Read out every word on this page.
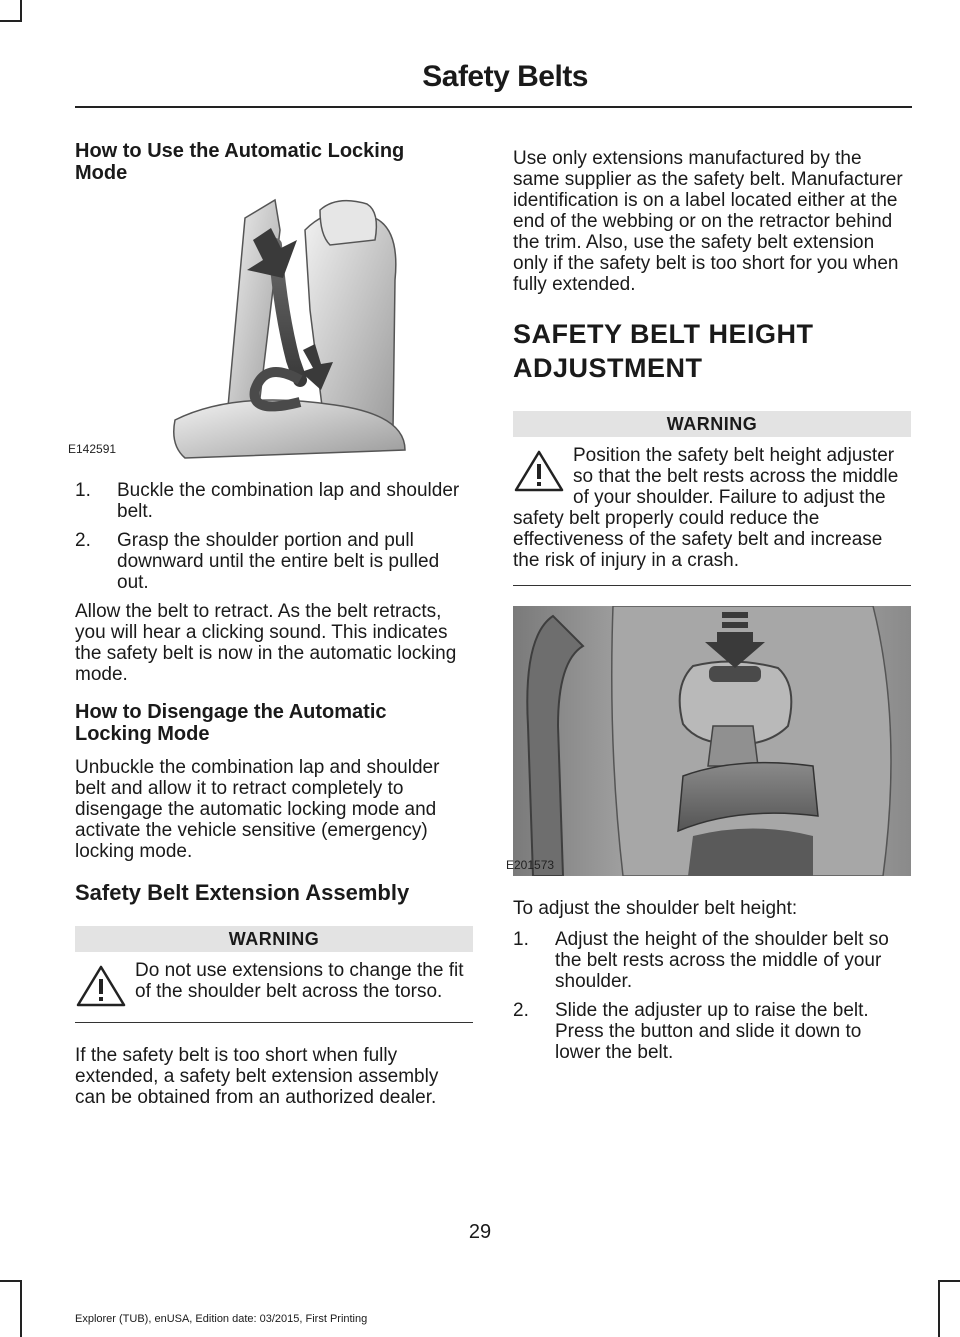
Safety Belts
How to Use the Automatic Locking Mode
E142591
1. Buckle the combination lap and shoulder belt.
2. Grasp the shoulder portion and pull downward until the entire belt is pulled out.

Allow the belt to retract. As the belt retracts, you will hear a clicking sound. This indicates the safety belt is now in the automatic locking mode.

How to Disengage the Automatic Locking Mode

Unbuckle the combination lap and shoulder belt and allow it to retract completely to disengage the automatic locking mode and activate the vehicle sensitive (emergency) locking mode.

Safety Belt Extension Assembly
WARNING
Do not use extensions to change the fit of the shoulder belt across the torso.

If the safety belt is too short when fully extended, a safety belt extension assembly can be obtained from an authorized dealer.

Use only extensions manufactured by the same supplier as the safety belt. Manufacturer identification is on a label located either at the end of the webbing or on the retractor behind the trim. Also, use the safety belt extension only if the safety belt is too short for you when fully extended.

SAFETY BELT HEIGHT
ADJUSTMENT
WARNING
Position the safety belt height adjuster so that the belt rests across the middle of your shoulder. Failure to adjust the safety belt properly could reduce the effectiveness of the safety belt and increase the risk of injury in a crash.
E201573

To adjust the shoulder belt height:

1. Adjust the height of the shoulder belt so the belt rests across the middle of your shoulder.
2. Slide the adjuster up to raise the belt. Press the button and slide it down to lower the belt.
29
Explorer (TUB), enUSA, Edition date: 03/2015, First Printing
